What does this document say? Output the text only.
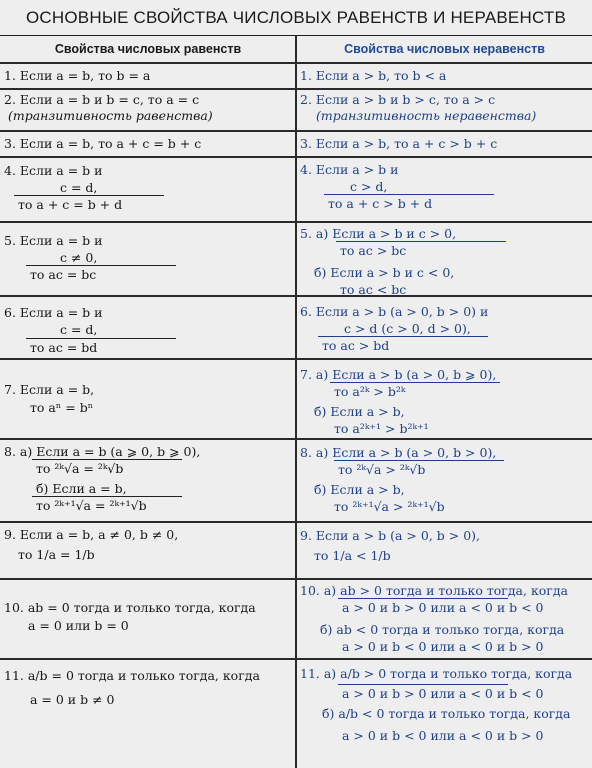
ОСНОВНЫЕ СВОЙСТВА ЧИСЛОВЫХ РАВЕНСТВ И НЕРАВЕНСТВ
Свойства числовых равенств	Свойства числовых неравенств
1. Если a = b, то b = a
2. Если a = b и b = c, то a = c
(транзитивность равенства)
3. Если a = b, то a + c = b + c
4. Если a = b и
c = d,
то a + c = b + d
5. Если a = b и
c ≠ 0,
то ac = bc
6. Если a = b и
c = d,
то ac = bd
7. Если a = b,
то aⁿ = bⁿ
8. а) Если a = b (a ⩾ 0, b ⩾ 0),
то ²ᵏ√a = ²ᵏ√b
б) Если a = b,
то ²ᵏ⁺¹√a = ²ᵏ⁺¹√b
9. Если a = b, a ≠ 0, b ≠ 0,
то 1/a = 1/b
10. ab = 0 тогда и только тогда, когда
a = 0 или b = 0
11. a/b = 0 тогда и только тогда, когда
a = 0 и b ≠ 0
1. Если a > b, то b < a
2. Если a > b и b > c, то a > c
(транзитивность неравенства)
3. Если a > b, то a + c > b + c
4. Если a > b и
c > d,
то a + c > b + d
5. а) Если a > b и c > 0,
то ac > bc
б) Если a > b и c < 0,
то ac < bc
6. Если a > b (a > 0, b > 0) и
c > d (c > 0, d > 0),
то ac > bd
7. а) Если a > b (a > 0, b ⩾ 0),
то a²ᵏ > b²ᵏ
б) Если a > b,
то a²ᵏ⁺¹ > b²ᵏ⁺¹
8. а) Если a > b (a > 0, b > 0),
то ²ᵏ√a > ²ᵏ√b
б) Если a > b,
то ²ᵏ⁺¹√a > ²ᵏ⁺¹√b
9. Если a > b (a > 0, b > 0),
то 1/a < 1/b
10. а) ab > 0 тогда и только тогда, когда
a > 0 и b > 0 или a < 0 и b < 0
б) ab < 0 тогда и только тогда, когда
a > 0 и b < 0 или a < 0 и b > 0
11. а) a/b > 0 тогда и только тогда, когда
a > 0 и b > 0 или a < 0 и b < 0
б) a/b < 0 тогда и только тогда, когда
a > 0 и b < 0 или a < 0 и b > 0
